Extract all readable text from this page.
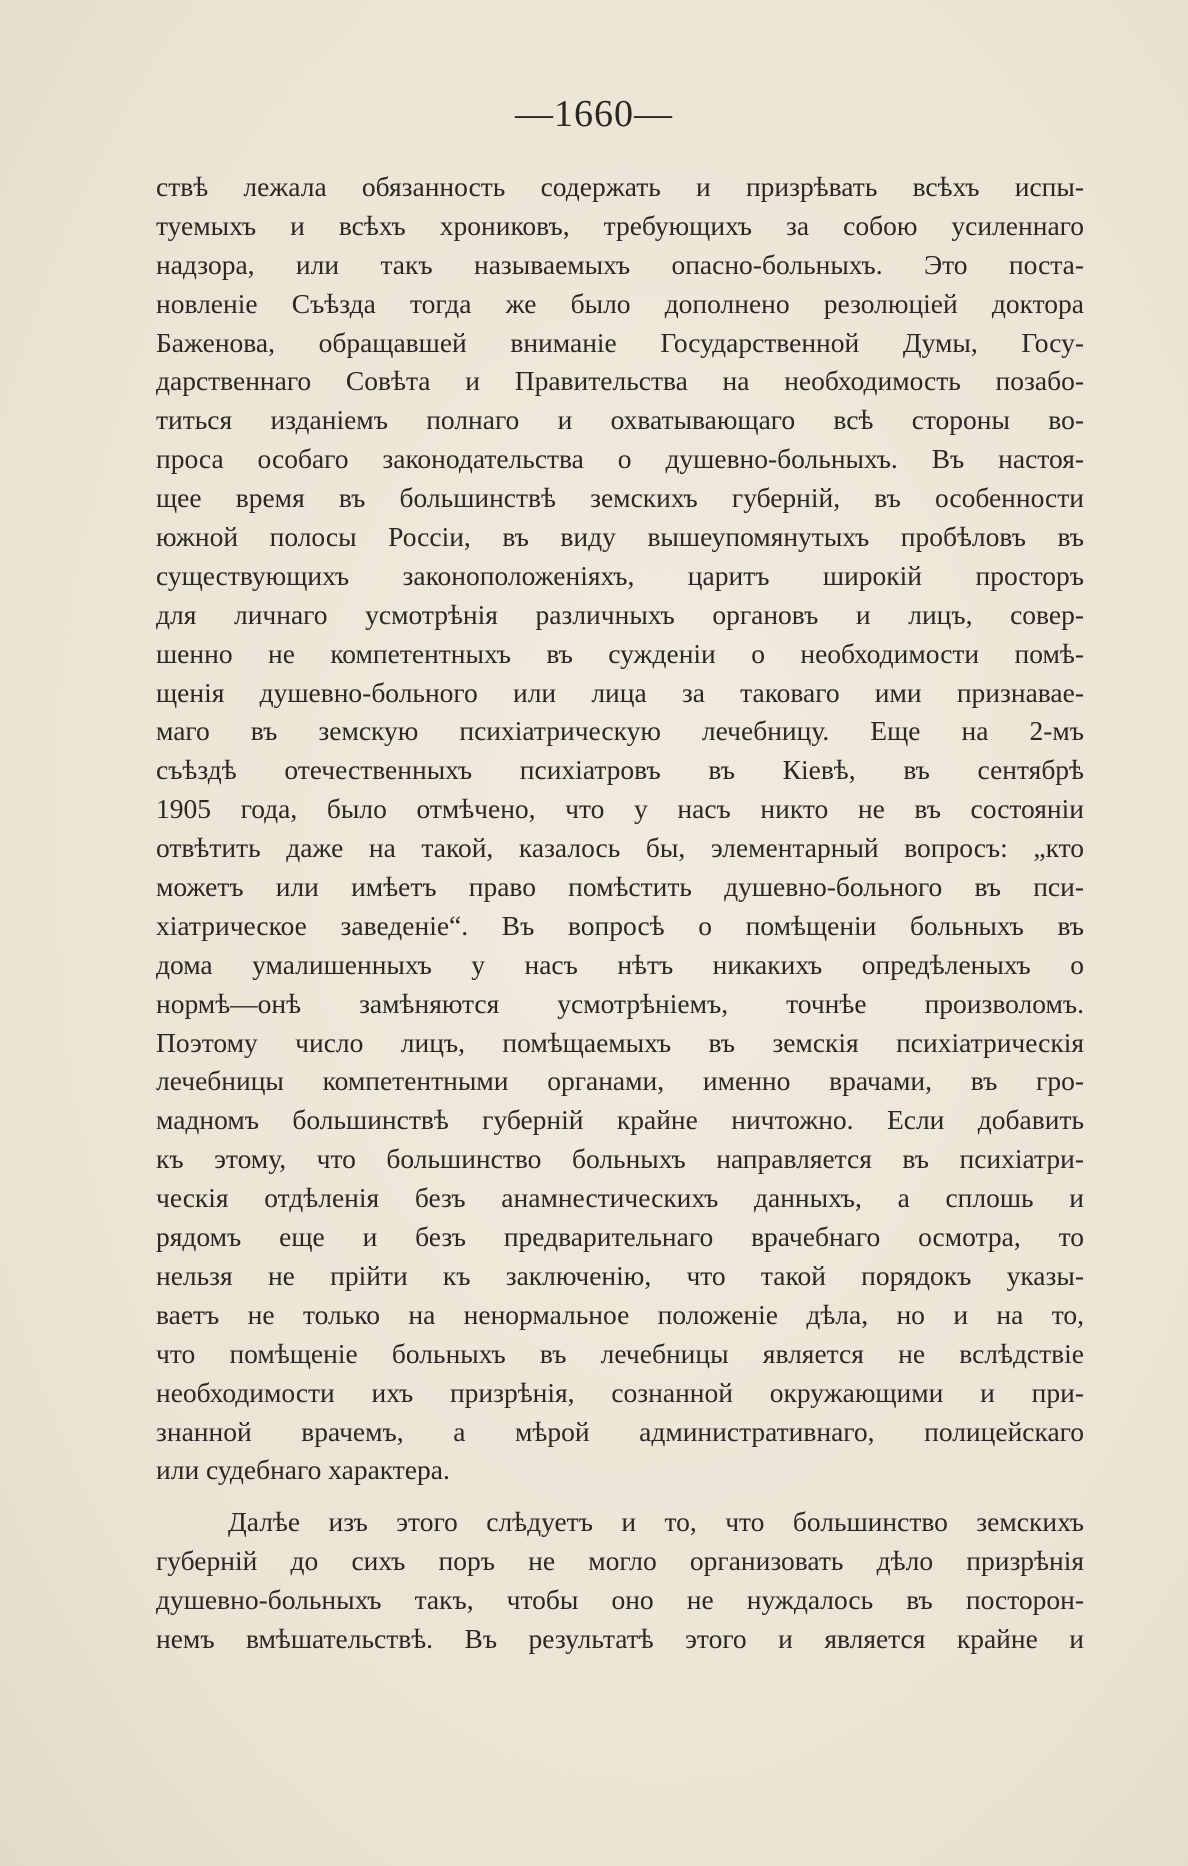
—1660—
ствѣ лежала обязанность содержать и призрѣвать всѣхъ испы-
туемыхъ и всѣхъ хрониковъ, требующихъ за собою усиленнаго
надзора, или такъ называемыхъ опасно-больныхъ. Это поста-
новленіе Съѣзда тогда же было дополнено резолюціей доктора
Баженова, обращавшей вниманіе Государственной Думы, Госу-
дарственнаго Совѣта и Правительства на необходимость позабо-
титься изданіемъ полнаго и охватывающаго всѣ стороны во-
проса особаго законодательства о душевно-больныхъ. Въ настоя-
щее время въ большинствѣ земскихъ губерній, въ особенности
южной полосы Россіи, въ виду вышеупомянутыхъ пробѣловъ въ
существующихъ законоположеніяхъ, царитъ широкій просторъ
для личнаго усмотрѣнія различныхъ органовъ и лицъ, совер-
шенно не компетентныхъ въ сужденіи о необходимости помѣ-
щенія душевно-больного или лица за таковаго ими признавае-
маго въ земскую психіатрическую лечебницу. Еще на 2-мъ
съѣздѣ отечественныхъ психіатровъ въ Кіевѣ, въ сентябрѣ
1905 года, было отмѣчено, что у насъ никто не въ состояніи
отвѣтить даже на такой, казалось бы, элементарный вопросъ: „кто
можетъ или имѣетъ право помѣстить душевно-больного въ пси-
хіатрическое заведеніе“. Въ вопросѣ о помѣщеніи больныхъ въ
дома умалишенныхъ у насъ нѣтъ никакихъ опредѣленыхъ о
нормѣ—онѣ замѣняются усмотрѣніемъ, точнѣе произволомъ.
Поэтому число лицъ, помѣщаемыхъ въ земскія психіатрическія
лечебницы компетентными органами, именно врачами, въ гро-
мадномъ большинствѣ губерній крайне ничтожно. Если добавить
къ этому, что большинство больныхъ направляется въ психіатри-
ческія отдѣленія безъ анамнестическихъ данныхъ, а сплошь и
рядомъ еще и безъ предварительнаго врачебнаго осмотра, то
нельзя не прійти къ заключенію, что такой порядокъ указы-
ваетъ не только на ненормальное положеніе дѣла, но и на то,
что помѣщеніе больныхъ въ лечебницы является не вслѣдствіе
необходимости ихъ призрѣнія, сознанной окружающими и при-
знанной врачемъ, а мѣрой административнаго, полицейскаго
или судебнаго характера.
Далѣе изъ этого слѣдуетъ и то, что большинство земскихъ
губерній до сихъ поръ не могло организовать дѣло призрѣнія
душевно-больныхъ такъ, чтобы оно не нуждалось въ посторон-
немъ вмѣшательствѣ. Въ результатѣ этого и является крайне и
